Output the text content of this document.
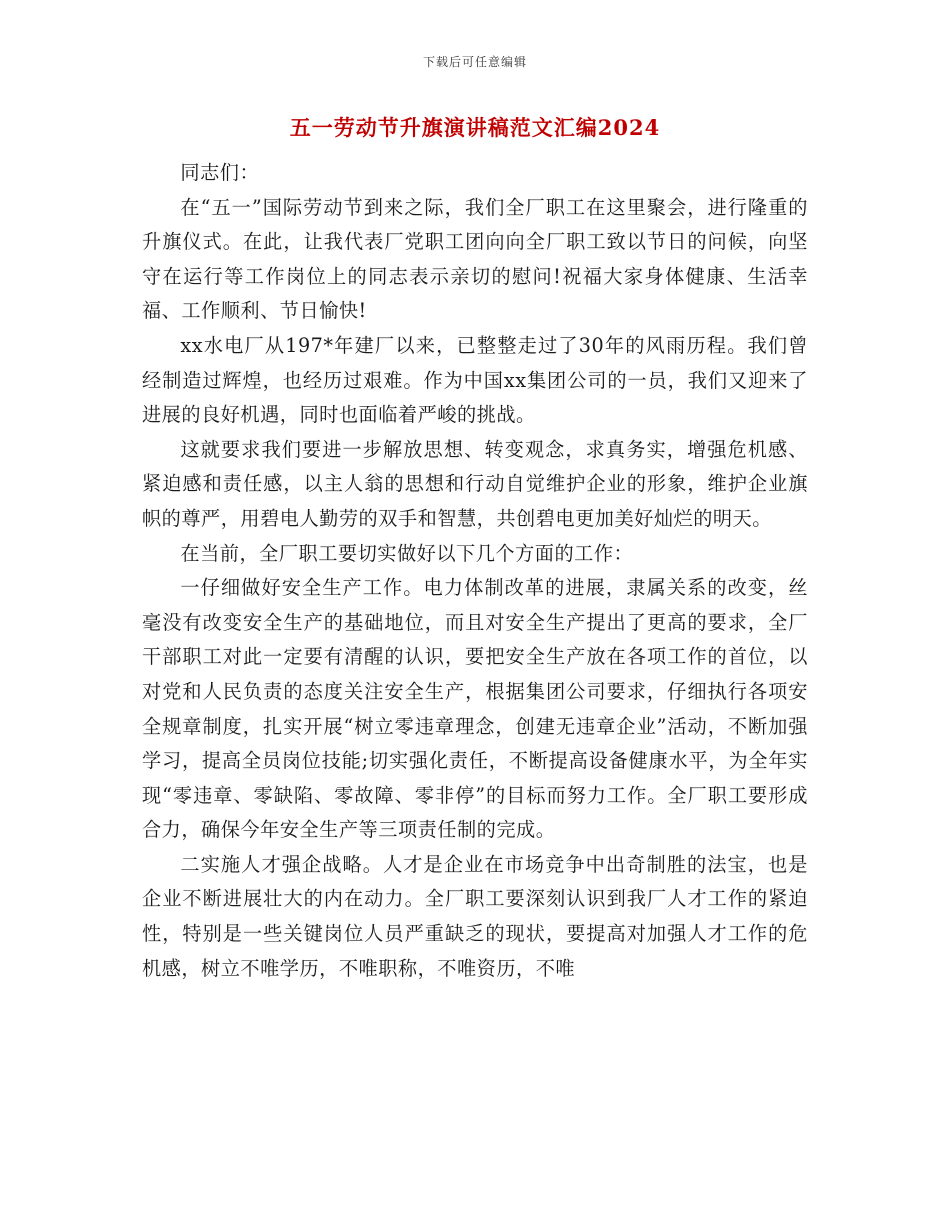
下载后可任意编辑
五一劳动节升旗演讲稿范文汇编2024

同志们：

在“五一”国际劳动节到来之际，我们全厂职工在这里聚会，进行隆重的升旗仪式。在此，让我代表厂党职工团向向全厂职工致以节日的问候，向坚守在运行等工作岗位上的同志表示亲切的慰问!祝福大家身体健康、生活幸福、工作顺利、节日愉快!

xx水电厂从197*年建厂以来，已整整走过了30年的风雨历程。我们曾经制造过辉煌，也经历过艰难。作为中国xx集团公司的一员，我们又迎来了进展的良好机遇，同时也面临着严峻的挑战。

这就要求我们要进一步解放思想、转变观念，求真务实，增强危机感、紧迫感和责任感，以主人翁的思想和行动自觉维护企业的形象，维护企业旗帜的尊严，用碧电人勤劳的双手和智慧，共创碧电更加美好灿烂的明天。

在当前，全厂职工要切实做好以下几个方面的工作：

一仔细做好安全生产工作。电力体制改革的进展，隶属关系的改变，丝毫没有改变安全生产的基础地位，而且对安全生产提出了更高的要求，全厂干部职工对此一定要有清醒的认识，要把安全生产放在各项工作的首位，以对党和人民负责的态度关注安全生产，根据集团公司要求，仔细执行各项安全规章制度，扎实开展“树立零违章理念，创建无违章企业”活动，不断加强学习，提高全员岗位技能;切实强化责任，不断提高设备健康水平，为全年实现“零违章、零缺陷、零故障、零非停”的目标而努力工作。全厂职工要形成合力，确保今年安全生产等三项责任制的完成。

二实施人才强企战略。人才是企业在市场竞争中出奇制胜的法宝，也是企业不断进展壮大的内在动力。全厂职工要深刻认识到我厂人才工作的紧迫性，特别是一些关键岗位人员严重缺乏的现状，要提高对加强人才工作的危机感，树立不唯学历，不唯职称，不唯资历，不唯
